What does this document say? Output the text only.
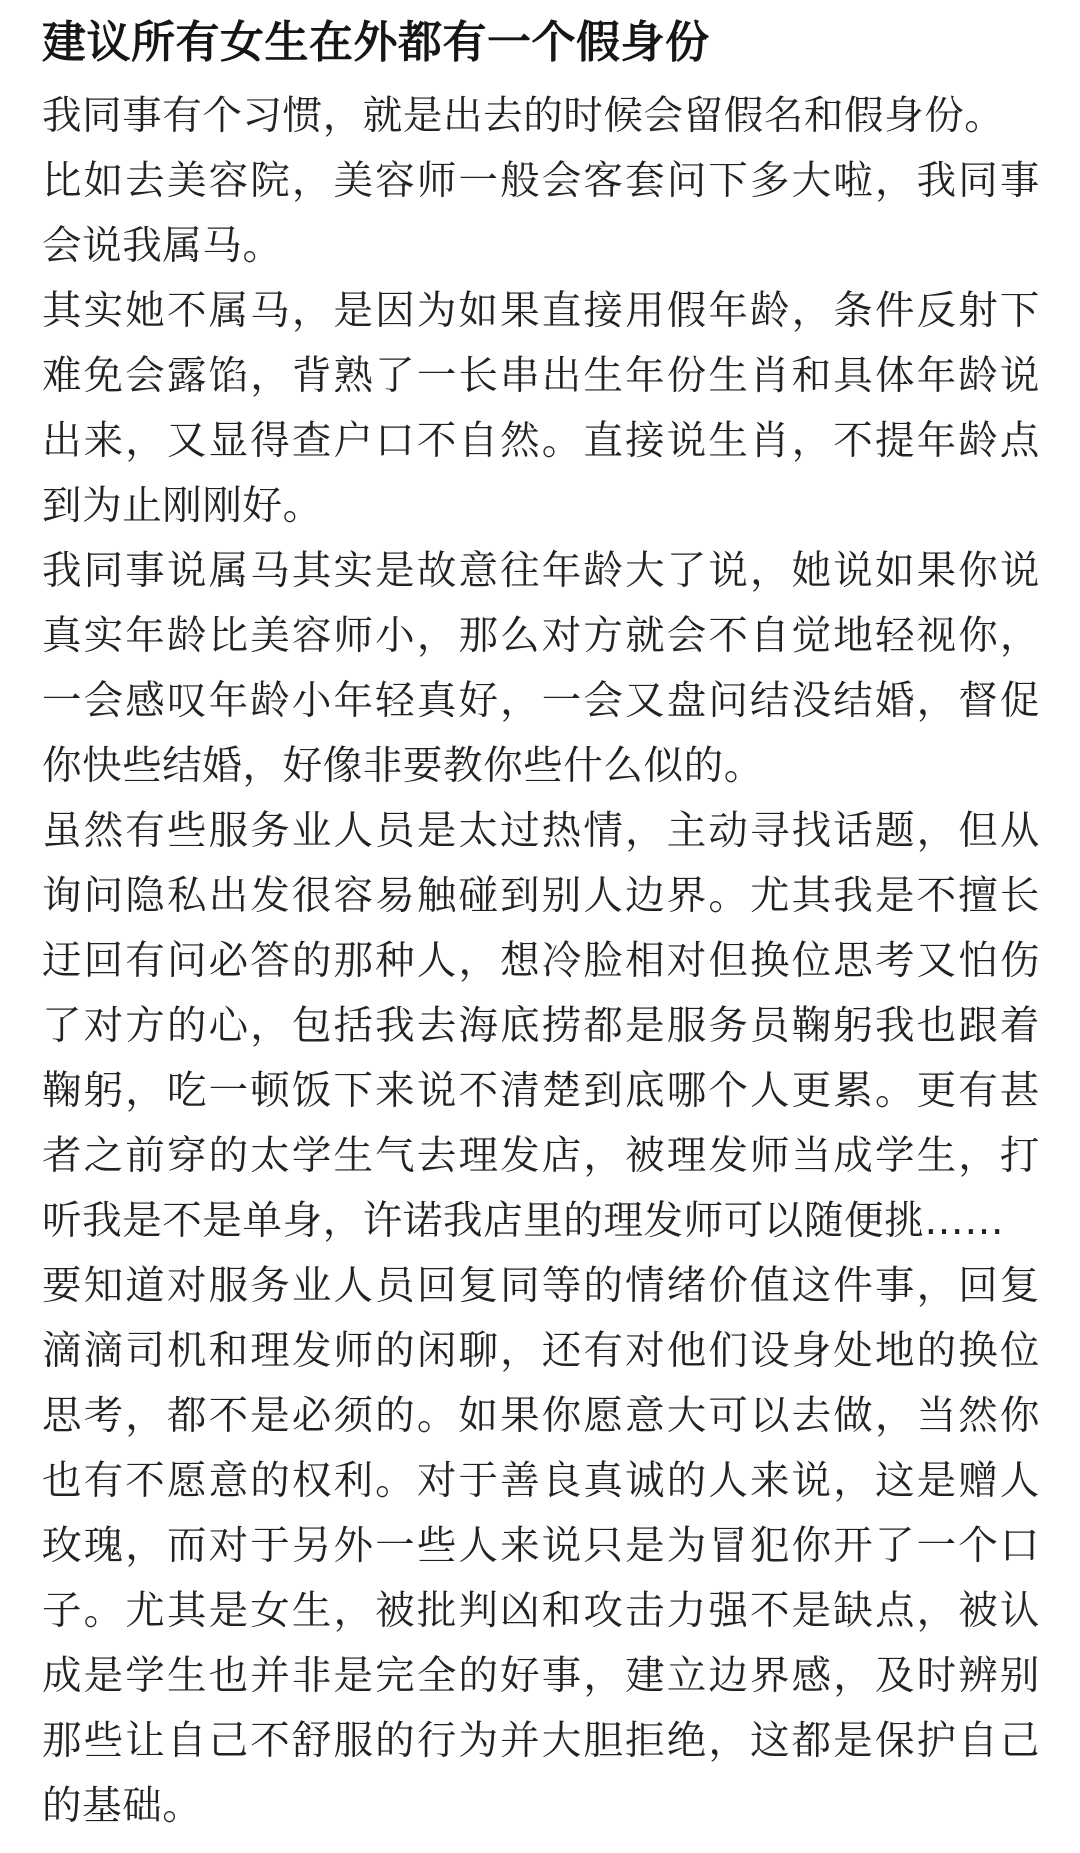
建议所有女生在外都有一个假身份

我同事有个习惯，就是出去的时候会留假名和假身份。

比如去美容院，美容师一般会客套问下多大啦，我同事会说我属马。

其实她不属马，是因为如果直接用假年龄，条件反射下难免会露馅，背熟了一长串出生年份生肖和具体年龄说出来，又显得查户口不自然。直接说生肖，不提年龄点到为止刚刚好。

我同事说属马其实是故意往年龄大了说，她说如果你说真实年龄比美容师小，那么对方就会不自觉地轻视你，一会感叹年龄小年轻真好，一会又盘问结没结婚，督促你快些结婚，好像非要教你些什么似的。

虽然有些服务业人员是太过热情，主动寻找话题，但从询问隐私出发很容易触碰到别人边界。尤其我是不擅长迂回有问必答的那种人，想冷脸相对但换位思考又怕伤了对方的心，包括我去海底捞都是服务员鞠躬我也跟着鞠躬，吃一顿饭下来说不清楚到底哪个人更累。更有甚者之前穿的太学生气去理发店，被理发师当成学生，打听我是不是单身，许诺我店里的理发师可以随便挑……

要知道对服务业人员回复同等的情绪价值这件事，回复滴滴司机和理发师的闲聊，还有对他们设身处地的换位思考，都不是必须的。如果你愿意大可以去做，当然你也有不愿意的权利。对于善良真诚的人来说，这是赠人玫瑰，而对于另外一些人来说只是为冒犯你开了一个口子。尤其是女生，被批判凶和攻击力强不是缺点，被认成是学生也并非是完全的好事，建立边界感，及时辨别那些让自己不舒服的行为并大胆拒绝，这都是保护自己的基础。
